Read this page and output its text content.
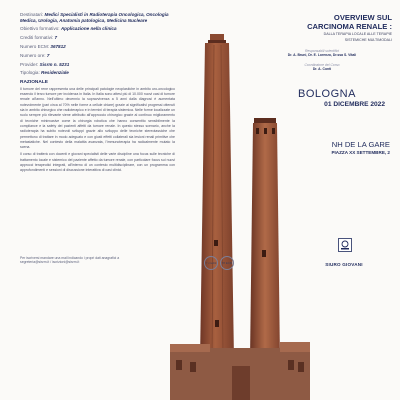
Destinatari: Medici Specialisti in Radioterapia Oncologica, Oncologia Medica, Urologia, Anatomia patologica, Medicina Nucleare
Obiettivo formativo: Applicazione nella clinica
Crediti formativi: 7
Numero ECM: 367812
Numero ore: 7
Provider: Sisrm n. 5231
Tipologia: Residenziale
RAZIONALE

Il tumore del rene rappresenta una delle principali patologie neoplastiche in ambito uro-oncologico essendo il terzo tumore per incidenza in Italia. In Italia sono attesi più di 10.000 nuovi casi di tumore renale all'anno. Nell'ultimo decennio la sopravvivenza a 5 anni dalla diagnosi è aumentata notevolmente (pari circa al 70% nelle forme a cellule chiare) grazie ai significativi progressi ottenuti sia in ambito chirurgico che radioterapico e in termini di terapia sistemica. Nelle forme localizzate un ruolo sempre più rilevante viene attribuito all'approccio chirurgico grazie al continuo miglioramento di tecniche mininvasive come la chirurgia robotica che hanno consentito sensibilmente la compliance e la safety dei pazienti affetti da tumore renale. In questo stesso scenario, anche la radioterapia ha subito notevoli sviluppi grazie allo sviluppo delle tecniche stereotassiche che permettono di trattare in modo adeguato e con giusti effetti collaterali sia lesioni renali primitive che metastatiche. Nel contesto della malattia avanzata, l'immunoterapia ha radicalmente mutato la scena.

Il corso di tratterà con docenti e giovani specialisti delle varie discipline una focus sulle tecniche di trattamento locale e sistemico del paziente affetto da tumore renale, con particolare focus sui nuovi approcci terapeutici integrati, all'interno di un contesto multidisciplinare, con un programma con approfondimenti e sessioni di discussione interattiva di casi clinici.

Per iscriversi mandare una mail indicando i propri dati anagrafici a
segreteria@sisrm.it / iscrizioni@sisrm.it
OVERVIEW SUL
CARCINOMA RENALE :
DALLA TERAPIA LOCALE ALLE TERAPIE
SISTEMICHE MULTIMODALI
Responsabili scientifici
Dr. A. Bruni, Dr. E. Lorenzo, Dr.ssa S. Vitali
Coordinatore del Corso
Dr. A. Conti
BOLOGNA
01 DICEMBRE 2022
NH DE LA GARE
PIAZZA XX SETTEMBRE, 2
SIURO GIOVANI
7 crediti 78 ECM
